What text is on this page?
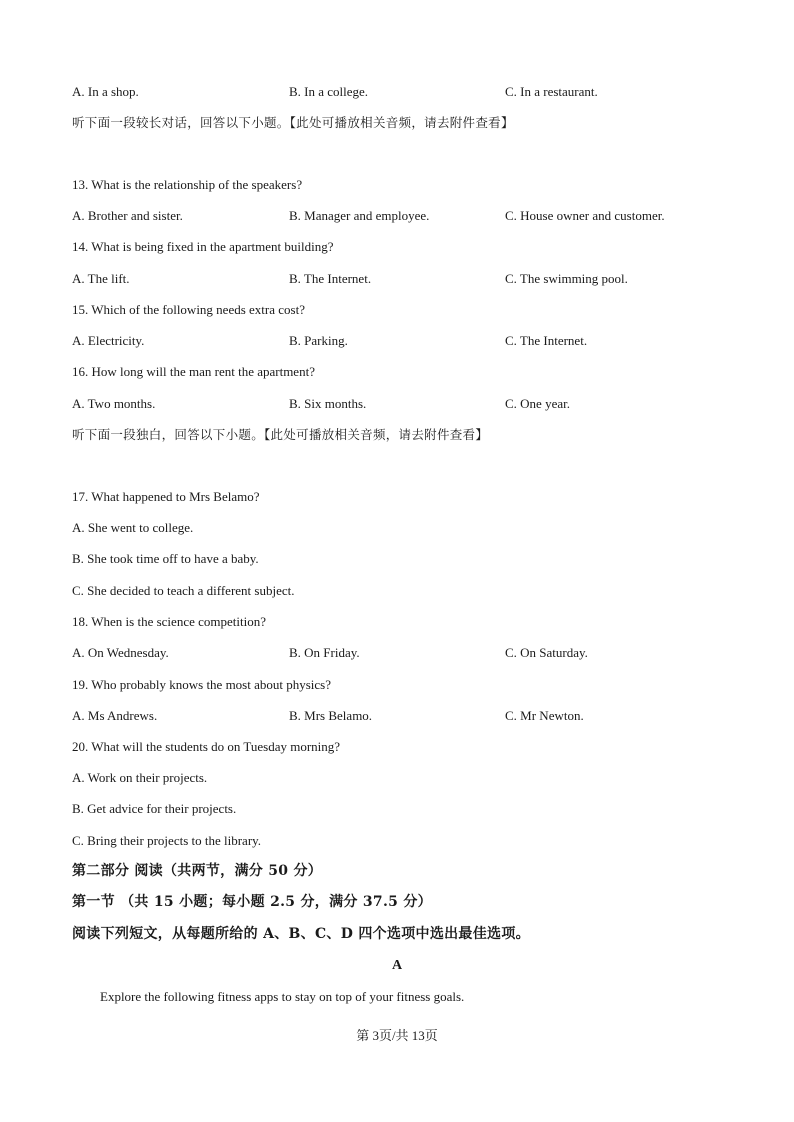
A. In a shop.	B. In a college.	C. In a restaurant.
听下面一段较长对话，回答以下小题。【此处可播放相关音频，请去附件查看】
13. What is the relationship of the speakers?
A. Brother and sister.	B. Manager and employee.	C. House owner and customer.
14. What is being fixed in the apartment building?
A. The lift.	B. The Internet.	C. The swimming pool.
15. Which of the following needs extra cost?
A. Electricity.	B. Parking.	C. The Internet.
16. How long will the man rent the apartment?
A. Two months.	B. Six months.	C. One year.
听下面一段独白，回答以下小题。【此处可播放相关音频，请去附件查看】
17. What happened to Mrs Belamo?
A. She went to college.
B. She took time off to have a baby.
C. She decided to teach a different subject.
18. When is the science competition?
A. On Wednesday.	B. On Friday.	C. On Saturday.
19. Who probably knows the most about physics?
A. Ms Andrews.	B. Mrs Belamo.	C. Mr Newton.
20. What will the students do on Tuesday morning?
A. Work on their projects.
B. Get advice for their projects.
C. Bring their projects to the library.
第二部分 阅读（共两节，满分 50 分）
第一节 （共 15 小题；每小题 2.5 分，满分 37.5 分）
阅读下列短文，从每题所给的 A、B、C、D 四个选项中选出最佳选项。
A
Explore the following fitness apps to stay on top of your fitness goals.
第 3页/共 13页
